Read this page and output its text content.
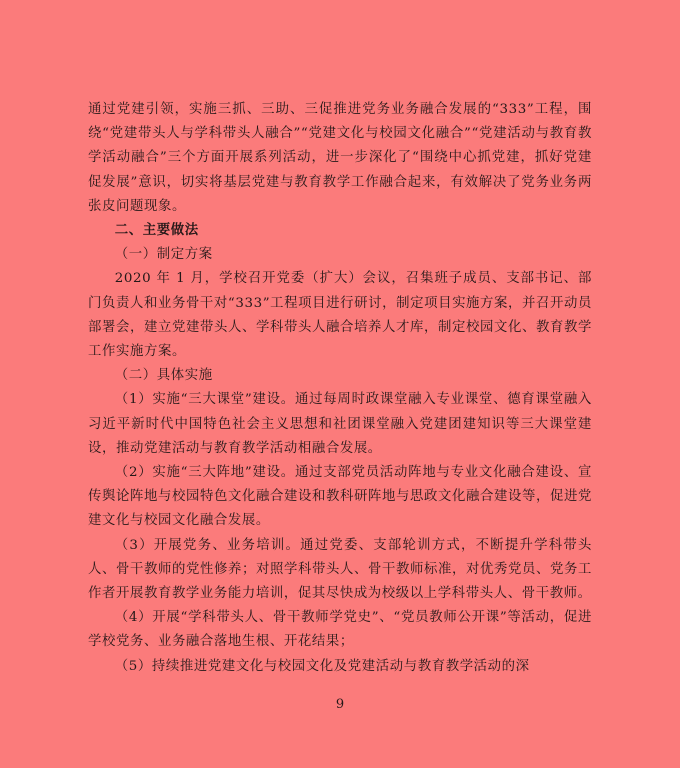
通过党建引领，实施三抓、三助、三促推进党务业务融合发展的“333”工程，围绕“党建带头人与学科带头人融合”“党建文化与校园文化融合”“党建活动与教育教学活动融合”三个方面开展系列活动，进一步深化了“围绕中心抓党建，抓好党建促发展”意识，切实将基层党建与教育教学工作融合起来，有效解决了党务业务两张皮问题现象。

二、主要做法

（一）制定方案

2020 年 1 月，学校召开党委（扩大）会议，召集班子成员、支部书记、部门负责人和业务骨干对“333”工程项目进行研讨，制定项目实施方案，并召开动员部署会，建立党建带头人、学科带头人融合培养人才库，制定校园文化、教育教学工作实施方案。

（二）具体实施

（1）实施“三大课堂”建设。通过每周时政课堂融入专业课堂、德育课堂融入习近平新时代中国特色社会主义思想和社团课堂融入党建团建知识等三大课堂建设，推动党建活动与教育教学活动相融合发展。

（2）实施“三大阵地”建设。通过支部党员活动阵地与专业文化融合建设、宣传舆论阵地与校园特色文化融合建设和教科研阵地与思政文化融合建设等，促进党建文化与校园文化融合发展。

（3）开展党务、业务培训。通过党委、支部轮训方式，不断提升学科带头人、骨干教师的党性修养；对照学科带头人、骨干教师标准，对优秀党员、党务工作者开展教育教学业务能力培训，促其尽快成为校级以上学科带头人、骨干教师。

（4）开展“学科带头人、骨干教师学党史”、“党员教师公开课”等活动，促进学校党务、业务融合落地生根、开花结果；

（5）持续推进党建文化与校园文化及党建活动与教育教学活动的深

9
